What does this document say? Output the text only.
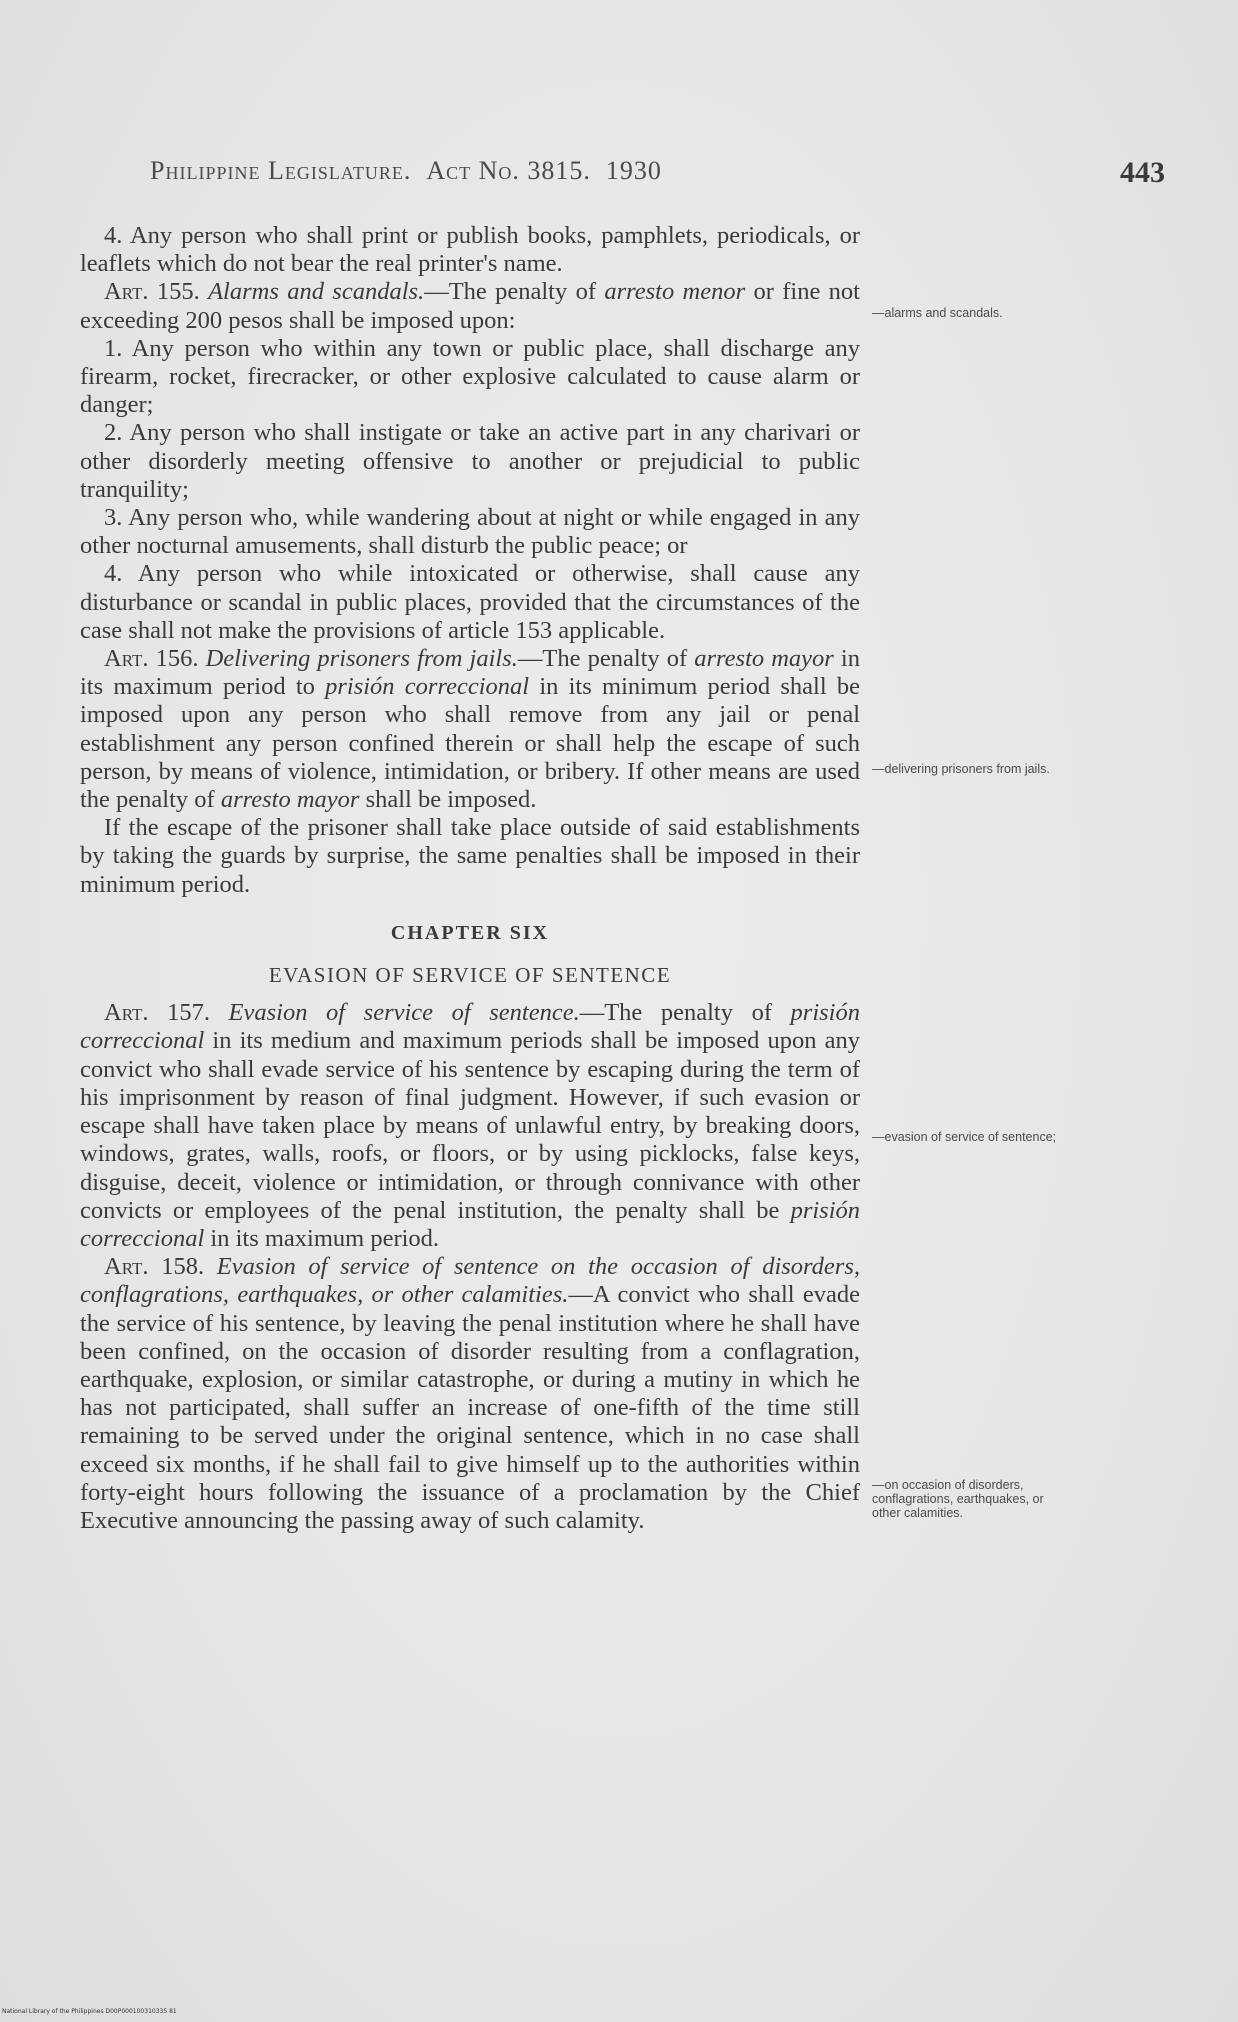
Philippine Legislature. Act No. 3815. 1930	443

4. Any person who shall print or publish books, pamphlets, periodicals, or leaflets which do not bear the real printer's name.

Art. 155. Alarms and scandals.—The penalty of arresto menor or fine not exceeding 200 pesos shall be imposed upon:

1. Any person who within any town or public place, shall discharge any firearm, rocket, firecracker, or other explosive calculated to cause alarm or danger;

2. Any person who shall instigate or take an active part in any charivari or other disorderly meeting offensive to another or prejudicial to public tranquility;

3. Any person who, while wandering about at night or while engaged in any other nocturnal amusements, shall disturb the public peace; or

4. Any person who while intoxicated or otherwise, shall cause any disturbance or scandal in public places, provided that the circumstances of the case shall not make the provisions of article 153 applicable.

Art. 156. Delivering prisoners from jails.—The penalty of arresto mayor in its maximum period to prisión correccional in its minimum period shall be imposed upon any person who shall remove from any jail or penal establishment any person confined therein or shall help the escape of such person, by means of violence, intimidation, or bribery. If other means are used the penalty of arresto mayor shall be imposed.

If the escape of the prisoner shall take place outside of said establishments by taking the guards by surprise, the same penalties shall be imposed in their minimum period.

CHAPTER SIX
EVASION OF SERVICE OF SENTENCE

Art. 157. Evasion of service of sentence.—The penalty of prisión correccional in its medium and maximum periods shall be imposed upon any convict who shall evade service of his sentence by escaping during the term of his imprisonment by reason of final judgment. However, if such evasion or escape shall have taken place by means of unlawful entry, by breaking doors, windows, grates, walls, roofs, or floors, or by using picklocks, false keys, disguise, deceit, violence or intimidation, or through connivance with other convicts or employees of the penal institution, the penalty shall be prisión correccional in its maximum period.

Art. 158. Evasion of service of sentence on the occasion of disorders, conflagrations, earthquakes, or other calamities.—A convict who shall evade the service of his sentence, by leaving the penal institution where he shall have been confined, on the occasion of disorder resulting from a conflagration, earthquake, explosion, or similar catastrophe, or during a mutiny in which he has not participated, shall suffer an increase of one-fifth of the time still remaining to be served under the original sentence, which in no case shall exceed six months, if he shall fail to give himself up to the authorities within forty-eight hours following the issuance of a proclamation by the Chief Executive announcing the passing away of such calamity.

—alarms and scandals.
—delivering prisoners from jails.
—evasion of service of sentence;
—on occasion of disorders, conflagrations, earthquakes, or other calamities.
National Library of the Philippines D00P000100310335 81
